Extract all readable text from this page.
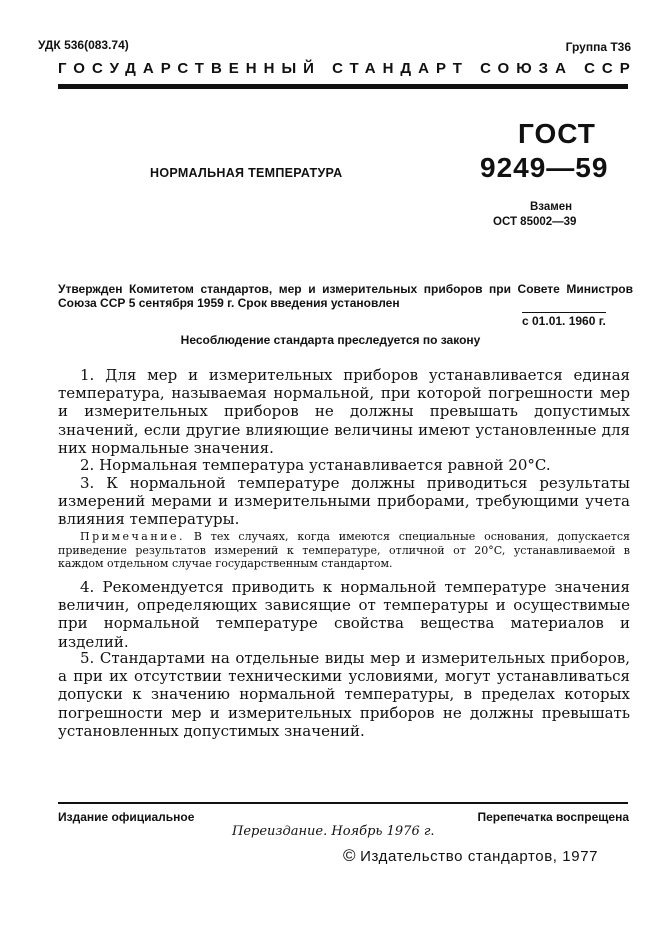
УДК 536(083.74)	Группа Т36
ГОСУДАРСТВЕННЫЙ СТАНДАРТ СОЮЗА ССР
НОРМАЛЬНАЯ ТЕМПЕРАТУРА
ГОСТ
9249—59
Взамен
ОСТ 85002—39
Утвержден Комитетом стандартов, мер и измерительных приборов при Совете Министров Союза ССР 5 сентября 1959 г. Срок введения установлен
с 01.01. 1960 г.
Несоблюдение стандарта преследуется по закону

1. Для мер и измерительных приборов устанавливается единая температура, называемая нормальной, при которой погрешности мер и измерительных приборов не должны превышать допустимых значений, если другие влияющие величины имеют установленные для них нормальные значения.

2. Нормальная температура устанавливается равной 20°C.

3. К нормальной температуре должны приводиться результаты измерений мерами и измерительными приборами, требующими учета влияния температуры.

Примечание. В тех случаях, когда имеются специальные основания, допускается приведение результатов измерений к температуре, отличной от 20°C, устанавливаемой в каждом отдельном случае государственным стандартом.

4. Рекомендуется приводить к нормальной температуре значения величин, определяющих зависящие от температуры и осуществимые при нормальной температуре свойства вещества материалов и изделий.

5. Стандартами на отдельные виды мер и измерительных приборов, а при их отсутствии техническими условиями, могут устанавливаться допуски к значению нормальной температуры, в пределах которых погрешности мер и измерительных приборов не должны превышать установленных допустимых значений.

Издание официальное	Перепечатка воспрещена
Переиздание. Ноябрь 1976 г.
© Издательство стандартов, 1977
